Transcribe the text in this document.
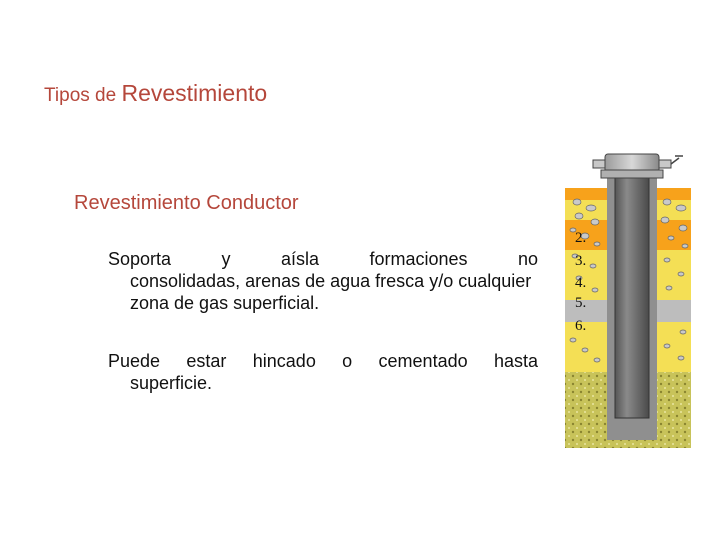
Tipos de Revestimiento
Revestimiento Conductor
Soporta y aísla formaciones no
consolidadas, arenas de agua fresca y/o cualquier zona de gas superficial.
Puede estar hincado o cementado hasta
superficie.
2.
3.
4.
5.
6.
